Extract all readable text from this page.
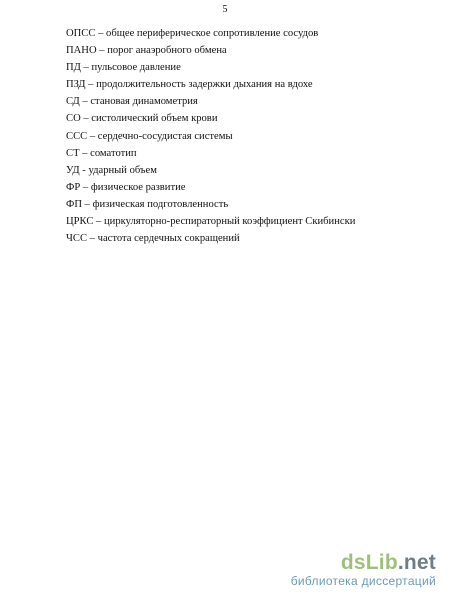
5
ОПСС – общее периферическое сопротивление сосудов
ПАНО – порог анаэробного обмена
ПД – пульсовое давление
ПЗД – продолжительность задержки дыхания на вдохе
СД – становая динамометрия
СО – систолический объем крови
ССС – сердечно-сосудистая системы
СТ – соматотип
УД - ударный объем
ФР – физическое развитие
ФП – физическая подготовленность
ЦРКС – циркуляторно-респираторный коэффициент Скибински
ЧСС – частота сердечных сокращений
dsLib.net
библиотека диссертаций
